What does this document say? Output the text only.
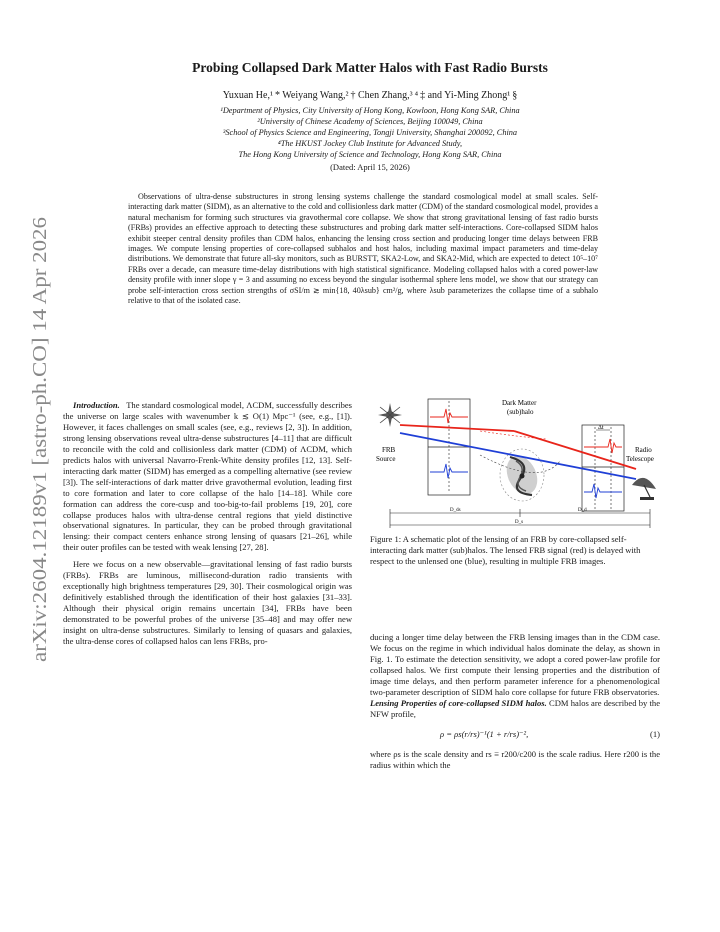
arXiv:2604.12189v1 [astro-ph.CO] 14 Apr 2026
Probing Collapsed Dark Matter Halos with Fast Radio Bursts
Yuxuan He,¹ * Weiyang Wang,² † Chen Zhang,³ ⁴ ‡ and Yi-Ming Zhong¹ §
¹Department of Physics, City University of Hong Kong, Kowloon, Hong Kong SAR, China
²University of Chinese Academy of Sciences, Beijing 100049, China
³School of Physics Science and Engineering, Tongji University, Shanghai 200092, China
⁴The HKUST Jockey Club Institute for Advanced Study,
The Hong Kong University of Science and Technology, Hong Kong SAR, China
(Dated: April 15, 2026)
Observations of ultra-dense substructures in strong lensing systems challenge the standard cosmological model at small scales. Self-interacting dark matter (SIDM), as an alternative to the cold and collisionless dark matter (CDM) of the standard cosmological model, provides a natural mechanism for forming such structures via gravothermal core collapse. We show that strong gravitational lensing of fast radio bursts (FRBs) provides an effective approach to detecting these substructures and probing dark matter self-interactions. Core-collapsed SIDM halos exhibit steeper central density profiles than CDM halos, enhancing the lensing cross section and producing longer time delays between FRB images. We compute lensing properties of core-collapsed subhalos and host halos, including maximal impact parameters and time-delay distributions. We demonstrate that future all-sky monitors, such as BURSTT, SKA2-Low, and SKA2-Mid, which are expected to detect 10⁵–10⁷ FRBs over a decade, can measure time-delay distributions with high statistical significance. Modeling collapsed halos with a cored power-law density profile with inner slope γ = 3 and assuming no excess beyond the singular isothermal sphere lens model, we show that our strategy can probe self-interaction cross section strengths of σSI/m ≳ min{18, 40λsub} cm²/g, where λsub parameterizes the collapse time of a subhalo relative to that of the isolated case.

Introduction. The standard cosmological model, ΛCDM, successfully describes the universe on large scales with wavenumber k ≲ O(1) Mpc⁻¹ (see, e.g., [1]). However, it faces challenges on small scales (see, e.g., reviews [2, 3]). In addition, strong lensing observations reveal ultra-dense substructures [4–11] that are difficult to reconcile with the cold and collisionless dark matter (CDM) of ΛCDM, which predicts halos with universal Navarro-Frenk-White density profiles [12, 13]. Self-interacting dark matter (SIDM) has emerged as a compelling alternative (see review [3]). The self-interactions of dark matter drive gravothermal evolution, leading first to core formation and later to core collapse of the halo [14–18]. While core formation can address the core-cusp and too-big-to-fail problems [19, 20], core collapse produces halos with ultra-dense central regions that yield distinctive observational signatures. In particular, they can be probed through gravitational lensing: their compact centers enhance strong lensing of quasars [21–26], while their outer profiles can be tested with weak lensing [27, 28].

Here we focus on a new observable—gravitational lensing of fast radio bursts (FRBs). FRBs are luminous, millisecond-duration radio transients with exceptionally high brightness temperatures [29, 30]. Their cosmological origin was definitively established through the identification of their host galaxies [31–33]. Although their physical origin remains uncertain [34], FRBs have been demonstrated to be powerful probes of the universe [35–48] and may offer new insight on ultra-dense substructures. Similarly to lensing of quasars and galaxies, the ultra-dense cores of collapsed halos can lens FRBs, pro-

FRB
Source
Δt
Dark Matter
(sub)halo
Radio
Telescope
D_ds	D_d
D_s
Figure 1: A schematic plot of the lensing of an FRB by core-collapsed self-interacting dark matter (sub)halos. The lensed FRB signal (red) is delayed with respect to the unlensed one (blue), resulting in multiple FRB images.

ducing a longer time delay between the FRB lensing images than in the CDM case. We focus on the regime in which individual halos dominate the delay, as shown in Fig. 1. To estimate the detection sensitivity, we adopt a cored power-law profile for collapsed halos. We first compute their lensing properties and the distribution of image time delays, and then perform parameter inference for a phenomenological two-parameter description of SIDM halo core collapse for future FRB observatories.

Lensing Properties of core-collapsed SIDM halos. CDM halos are described by the NFW profile,

ρ = ρs(r/rs)⁻¹(1 + r/rs)⁻²,	(1)

where ρs is the scale density and rs ≡ r200/c200 is the scale radius. Here r200 is the radius within which the
